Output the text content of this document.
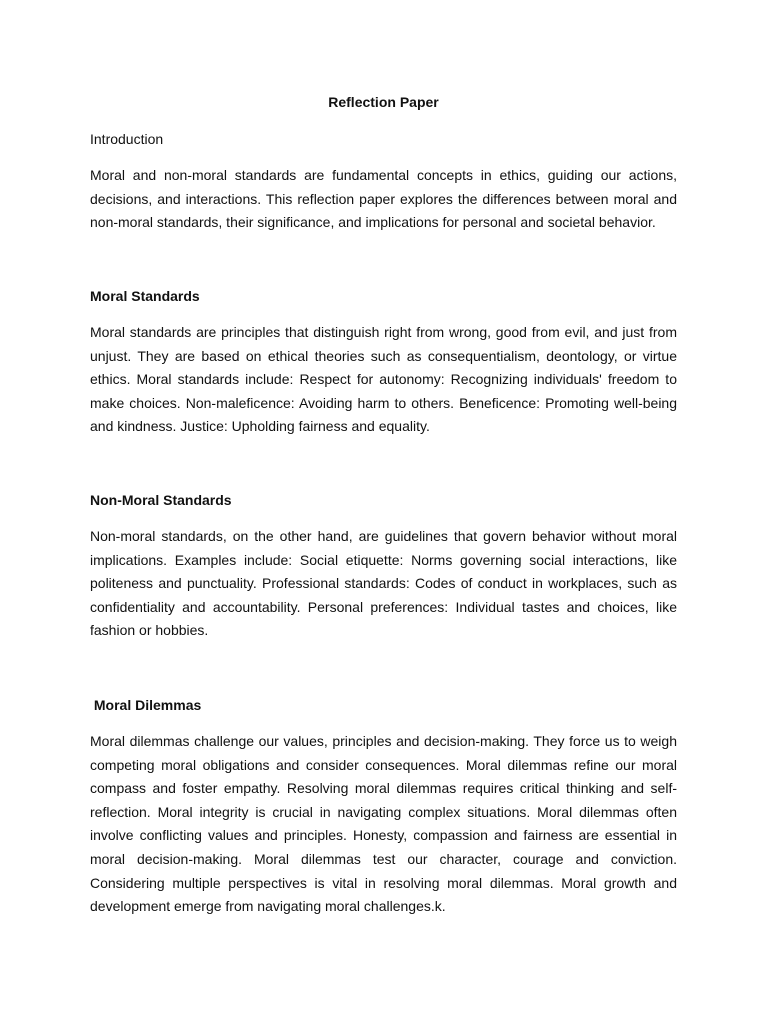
Reflection Paper
Introduction
Moral and non-moral standards are fundamental concepts in ethics, guiding our actions, decisions, and interactions. This reflection paper explores the differences between moral and non-moral standards, their significance, and implications for personal and societal behavior.
Moral Standards
Moral standards are principles that distinguish right from wrong, good from evil, and just from unjust. They are based on ethical theories such as consequentialism, deontology, or virtue ethics. Moral standards include: Respect for autonomy: Recognizing individuals' freedom to make choices. Non-maleficence: Avoiding harm to others. Beneficence: Promoting well-being and kindness. Justice: Upholding fairness and equality.
Non-Moral Standards
Non-moral standards, on the other hand, are guidelines that govern behavior without moral implications. Examples include: Social etiquette: Norms governing social interactions, like politeness and punctuality. Professional standards: Codes of conduct in workplaces, such as confidentiality and accountability. Personal preferences: Individual tastes and choices, like fashion or hobbies.
Moral Dilemmas
Moral dilemmas challenge our values, principles and decision-making. They force us to weigh competing moral obligations and consider consequences. Moral dilemmas refine our moral compass and foster empathy. Resolving moral dilemmas requires critical thinking and self-reflection. Moral integrity is crucial in navigating complex situations. Moral dilemmas often involve conflicting values and principles. Honesty, compassion and fairness are essential in moral decision-making. Moral dilemmas test our character, courage and conviction. Considering multiple perspectives is vital in resolving moral dilemmas. Moral growth and development emerge from navigating moral challenges.k.
